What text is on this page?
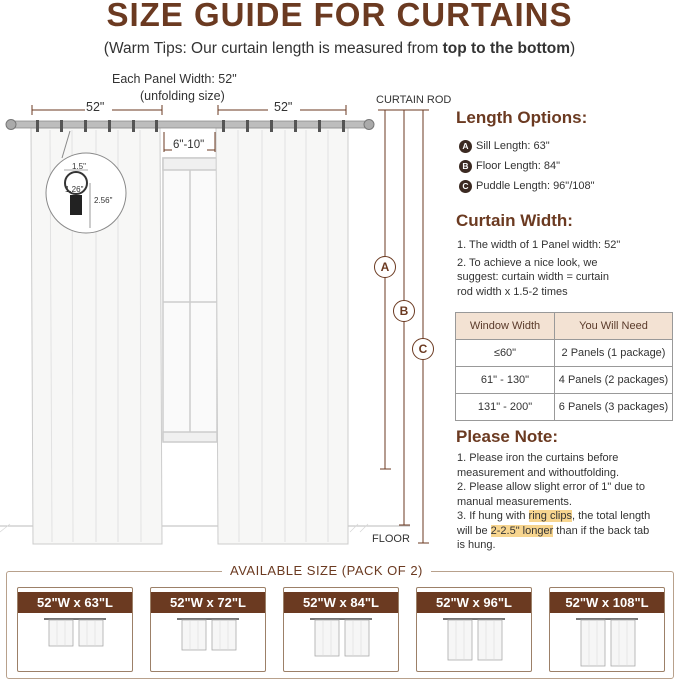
SIZE GUIDE FOR CURTAINS
(Warm Tips: Our curtain length is measured from top to the bottom)
Each Panel Width: 52"
(unfolding size)	CURTAIN ROD
FLOOR
52"	52"
6"-10"
1.5"
1.26"
2.56"
A
B
C
Length Options:
A Sill Length: 63"
B Floor Length: 84"
C Puddle Length: 96"/108"
Curtain Width:
1. The width of 1 Panel width: 52"
2. To achieve a nice look, we
suggest: curtain width = curtain
rod width x 1.5-2 times
Window Width	You Will Need
≤60"	2 Panels (1 package)
61" - 130"	4 Panels (2 packages)
131" - 200"	6 Panels (3 packages)
Please Note:
1. Please iron the curtains before
measurement and withoutfolding.
2. Please allow slight error of 1" due to
manual measurements.
3. If hung with ring clips, the total length
will be 2-2.5" longer than if the back tab
is hung.
AVAILABLE SIZE (PACK OF 2)
52"W x 63"L	52"W x 72"L	52"W x 84"L	52"W x 96"L	52"W x 108"L
